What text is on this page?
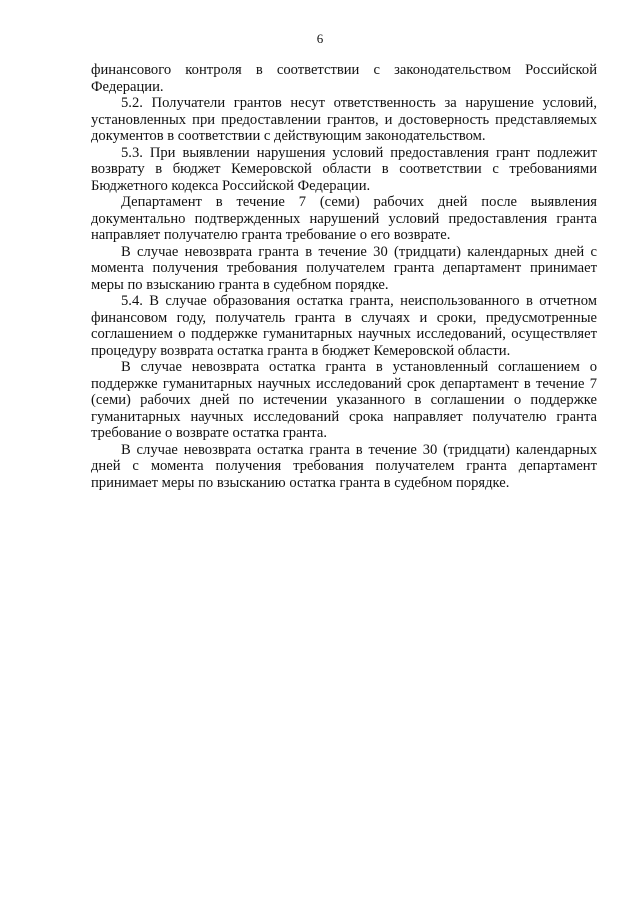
6

финансового контроля в соответствии с законодательством Российской Федерации.

5.2. Получатели грантов несут ответственность за нарушение условий, установленных при предоставлении грантов, и достоверность представляемых документов в соответствии с действующим законодательством.

5.3. При выявлении нарушения условий предоставления грант подлежит возврату в бюджет Кемеровской области в соответствии с требованиями Бюджетного кодекса Российской Федерации.

Департамент в течение 7 (семи) рабочих дней после выявления документально подтвержденных нарушений условий предоставления гранта направляет получателю гранта требование о его возврате.

В случае невозврата гранта в течение 30 (тридцати) календарных дней с момента получения требования получателем гранта департамент принимает меры по взысканию гранта в судебном порядке.

5.4. В случае образования остатка гранта, неиспользованного в отчетном финансовом году, получатель гранта в случаях и сроки, предусмотренные соглашением о поддержке гуманитарных научных исследований, осуществляет процедуру возврата остатка гранта в бюджет Кемеровской области.

В случае невозврата остатка гранта в установленный соглашением о поддержке гуманитарных научных исследований срок департамент в течение 7 (семи) рабочих дней по истечении указанного в соглашении о поддержке гуманитарных научных исследований срока направляет получателю гранта требование о возврате остатка гранта.

В случае невозврата остатка гранта в течение 30 (тридцати) календарных дней с момента получения требования получателем гранта департамент принимает меры по взысканию остатка гранта в судебном порядке.
